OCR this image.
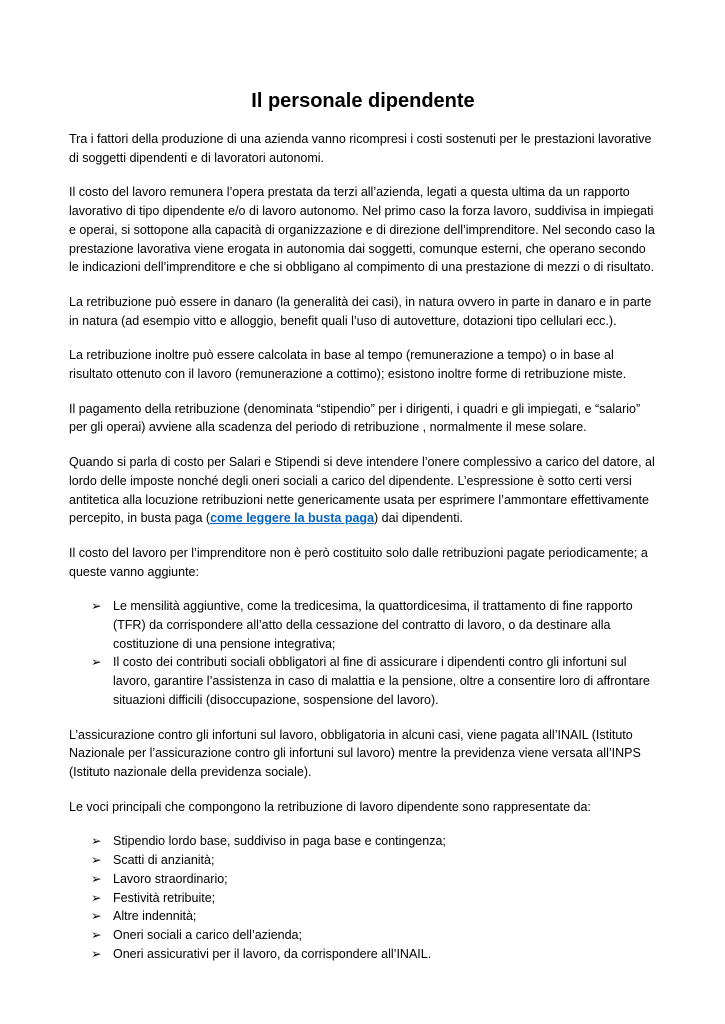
Il personale dipendente

Tra i fattori della produzione di una azienda vanno ricompresi i costi sostenuti per le prestazioni lavorative di soggetti dipendenti e di lavoratori autonomi.

Il costo del lavoro remunera l’opera prestata da terzi all’azienda, legati a questa ultima da un rapporto lavorativo di tipo dipendente e/o di lavoro autonomo. Nel primo caso la forza lavoro, suddivisa in impiegati e operai, si sottopone alla capacità di organizzazione e di direzione dell’imprenditore. Nel secondo caso la prestazione lavorativa viene erogata in autonomia dai soggetti, comunque esterni, che operano secondo le indicazioni dell’imprenditore e che si obbligano al compimento di una prestazione di mezzi o di risultato.

La retribuzione può essere in danaro (la generalità dei casi), in natura ovvero in parte in danaro e in parte in natura (ad esempio vitto e alloggio, benefit quali l’uso di autovetture, dotazioni tipo cellulari ecc.).

La retribuzione inoltre può essere calcolata in base al tempo (remunerazione a tempo) o in base al risultato ottenuto con il lavoro (remunerazione a cottimo); esistono inoltre forme di retribuzione miste.

Il pagamento della retribuzione (denominata “stipendio” per i dirigenti, i quadri e gli impiegati, e “salario” per gli operai) avviene alla scadenza del periodo di retribuzione , normalmente il mese solare.

Quando si parla di costo per Salari e Stipendi si deve intendere l’onere complessivo a carico del datore, al lordo delle imposte nonché degli oneri sociali a carico del dipendente. L’espressione è sotto certi versi antitetica alla locuzione retribuzioni nette genericamente usata per esprimere l’ammontare effettivamente percepito, in busta paga (come leggere la busta paga) dai dipendenti.

Il costo del lavoro per l’imprenditore non è però costituito solo dalle retribuzioni pagate periodicamente; a queste vanno aggiunte:

➢ Le mensilità aggiuntive, come la tredicesima, la quattordicesima, il trattamento di fine rapporto (TFR) da corrispondere all’atto della cessazione del contratto di lavoro, o da destinare alla costituzione di una pensione integrativa;
➢ Il costo dei contributi sociali obbligatori al fine di assicurare i dipendenti contro gli infortuni sul lavoro, garantire l’assistenza in caso di malattia e la pensione, oltre a consentire loro di affrontare situazioni difficili (disoccupazione, sospensione del lavoro).

L’assicurazione contro gli infortuni sul lavoro, obbligatoria in alcuni casi, viene pagata all’INAIL (Istituto Nazionale per l’assicurazione contro gli infortuni sul lavoro) mentre la previdenza viene versata all’INPS (Istituto nazionale della previdenza sociale).

Le voci principali che compongono la retribuzione di lavoro dipendente sono rappresentate da:

➢ Stipendio lordo base, suddiviso in paga base e contingenza;
➢ Scatti di anzianità;
➢ Lavoro straordinario;
➢ Festività retribuite;
➢ Altre indennità;
➢ Oneri sociali a carico dell’azienda;
➢ Oneri assicurativi per il lavoro, da corrispondere all’INAIL.
